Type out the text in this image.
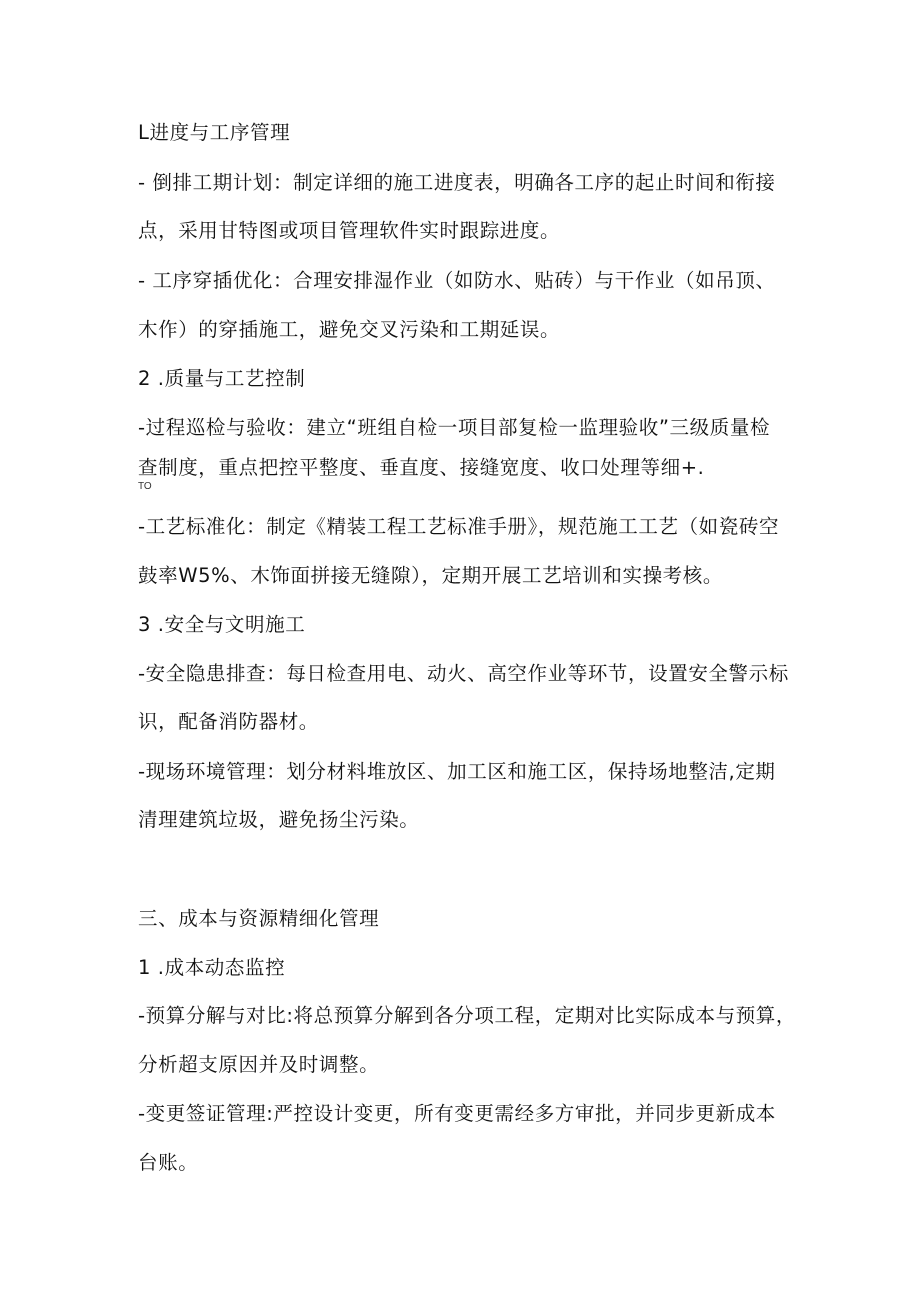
L进度与工序管理
- 倒排工期计划：制定详细的施工进度表，明确各工序的起止时间和衔接
点，采用甘特图或项目管理软件实时跟踪进度。
- 工序穿插优化：合理安排湿作业（如防水、贴砖）与干作业（如吊顶、
木作）的穿插施工，避免交叉污染和工期延误。
2 .质量与工艺控制
-过程巡检与验收：建立“班组自检一项目部复检一监理验收”三级质量检
查制度，重点把控平整度、垂直度、接缝宽度、收口处理等细+.
TO
-工艺标准化：制定《精装工程工艺标准手册》，规范施工工艺（如瓷砖空
鼓率W5%、木饰面拼接无缝隙），定期开展工艺培训和实操考核。
3 .安全与文明施工
-安全隐患排查：每日检查用电、动火、高空作业等环节，设置安全警示标
识，配备消防器材。
-现场环境管理：划分材料堆放区、加工区和施工区，保持场地整洁,定期
清理建筑垃圾，避免扬尘污染。
三、成本与资源精细化管理
1 .成本动态监控
-预算分解与对比:将总预算分解到各分项工程，定期对比实际成本与预算，
分析超支原因并及时调整。
-变更签证管理:严控设计变更，所有变更需经多方审批，并同步更新成本
台账。
